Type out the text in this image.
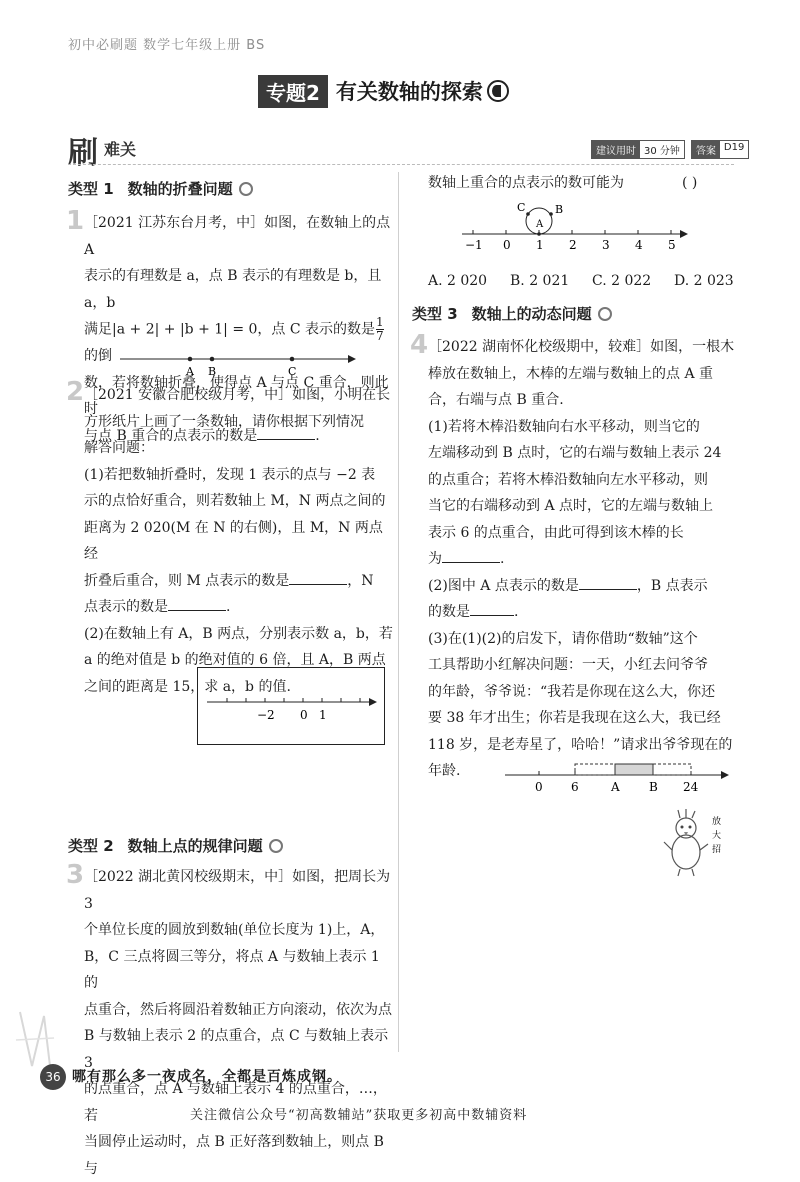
初中必刷题 数学七年级上册 BS
专题2 有关数轴的探索
刷 难关	建议用时 30 分钟	答案 D19
类型 1 数轴的折叠问题
1 ［2021 江苏东台月考，中］如图，在数轴上的点 A
表示的有理数是 a，点 B 表示的有理数是 b，且 a，b
满足|a + 2| + |b + 1| = 0，点 C 表示的数是 $\frac{1}{7}$
的倒
数，若将数轴折叠，使得点 A 与点 C 重合，则此时
与点 B 重合的点表示的数是	.
A B	C
2 ［2021 安徽合肥校级月考，中］如图，小明在长
方形纸片上画了一条数轴，请你根据下列情况
解答问题：
(1)若把数轴折叠时，发现 1 表示的点与 −2 表
示的点恰好重合，则若数轴上 M，N 两点之间的
距离为 2 020(M 在 N 的右侧)，且 M，N 两点经
折叠后重合，则 M 点表示的数是	，N
点表示的数是	.
(2)在数轴上有 A，B 两点，分别表示数 a，b，若
a 的绝对值是 b 的绝对值的 6 倍，且 A，B 两点
之间的距离是 15，求 a，b 的值.
−2 0 1
类型 2 数轴上点的规律问题
3 ［2022 湖北黄冈校级期末，中］如图，把周长为 3
个单位长度的圆放到数轴(单位长度为 1)上，A，
B，C 三点将圆三等分，将点 A 与数轴上表示 1 的
点重合，然后将圆沿着数轴正方向滚动，依次为点
B 与数轴上表示 2 的点重合，点 C 与数轴上表示 3
的点重合，点 A 与数轴上表示 4 的点重合，…，若
当圆停止运动时，点 B 正好落到数轴上，则点 B 与
数轴上重合的点表示的数可能为	( )
C	B
A
−1 0 1 2 3 4 5
A. 2 020	B. 2 021	C. 2 022	D. 2 023
类型 3 数轴上的动态问题
4 ［2022 湖南怀化校级期中，较难］如图，一根木
棒放在数轴上，木棒的左端与数轴上的点 A 重
合，右端与点 B 重合.
(1)若将木棒沿数轴向右水平移动，则当它的
左端移动到 B 点时，它的右端与数轴上表示 24
的点重合；若将木棒沿数轴向左水平移动，则
当它的右端移动到 A 点时，它的左端与数轴上
表示 6 的点重合，由此可得到该木棒的长
为	.
(2)图中 A 点表示的数是	，B 点表示
的数是	.
(3)在(1)(2)的启发下，请你借助“数轴”这个
工具帮助小红解决问题：一天，小红去问爷爷
的年龄，爷爷说：“我若是你现在这么大，你还
要 38 年才出生；你若是我现在这么大，我已经
118 岁，是老寿星了，哈哈！”请求出爷爷现在的
年龄.
0 6	A B 24
放
大
招
36 哪有那么多一夜成名，全都是百炼成钢。
关注微信公众号“初高数辅站”获取更多初高中数辅资料
